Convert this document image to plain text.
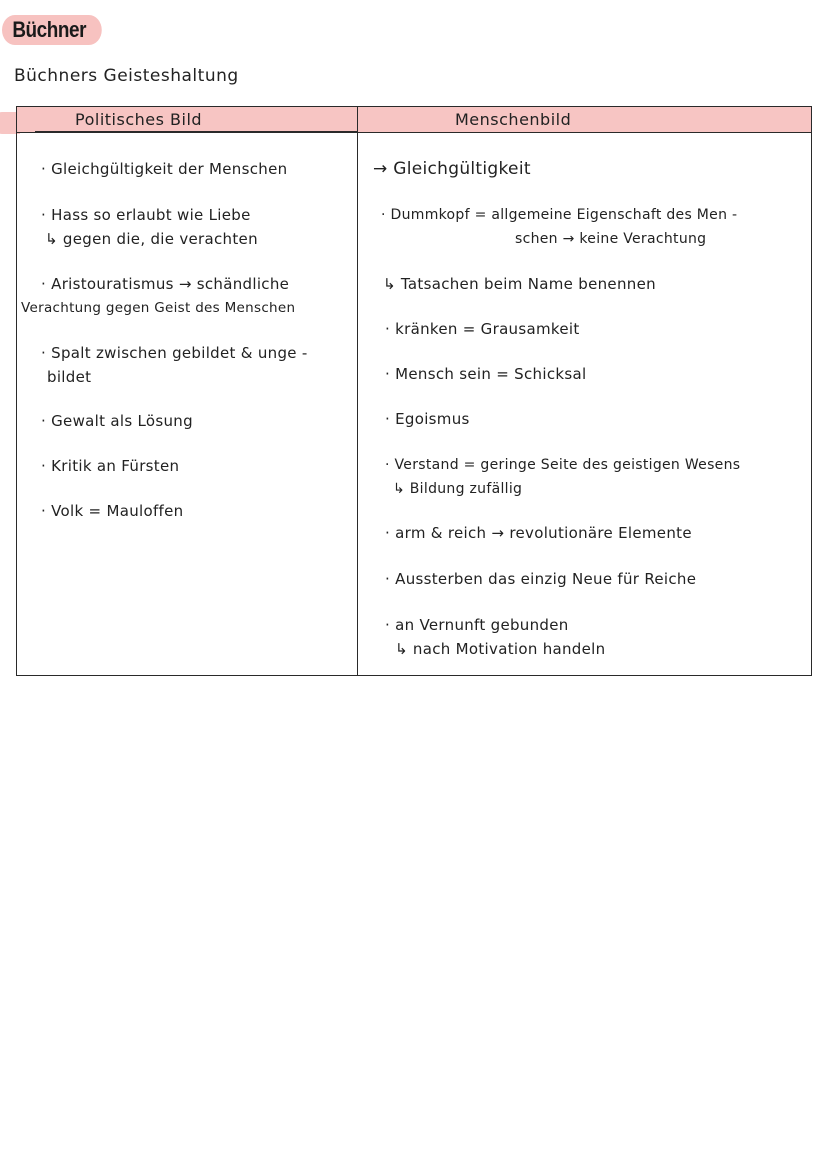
Büchner
Büchners Geisteshaltung
Politisches Bild	Menschenbild
· Gleichgültigkeit der Menschen
· Hass so erlaubt wie Liebe
↳ gegen die, die verachten
· Aristouratismus → schändliche
Verachtung gegen Geist des Menschen
· Spalt zwischen gebildet & unge -
bildet
· Gewalt als Lösung
· Kritik an Fürsten
· Volk = Mauloffen
→ Gleichgültigkeit
· Dummkopf = allgemeine Eigenschaft des Men -
schen → keine Verachtung
↳ Tatsachen beim Name benennen
· kränken = Grausamkeit
· Mensch sein = Schicksal
· Egoismus
· Verstand = geringe Seite des geistigen Wesens
↳ Bildung zufällig
· arm & reich → revolutionäre Elemente
· Aussterben das einzig Neue für Reiche
· an Vernunft gebunden
↳ nach Motivation handeln
